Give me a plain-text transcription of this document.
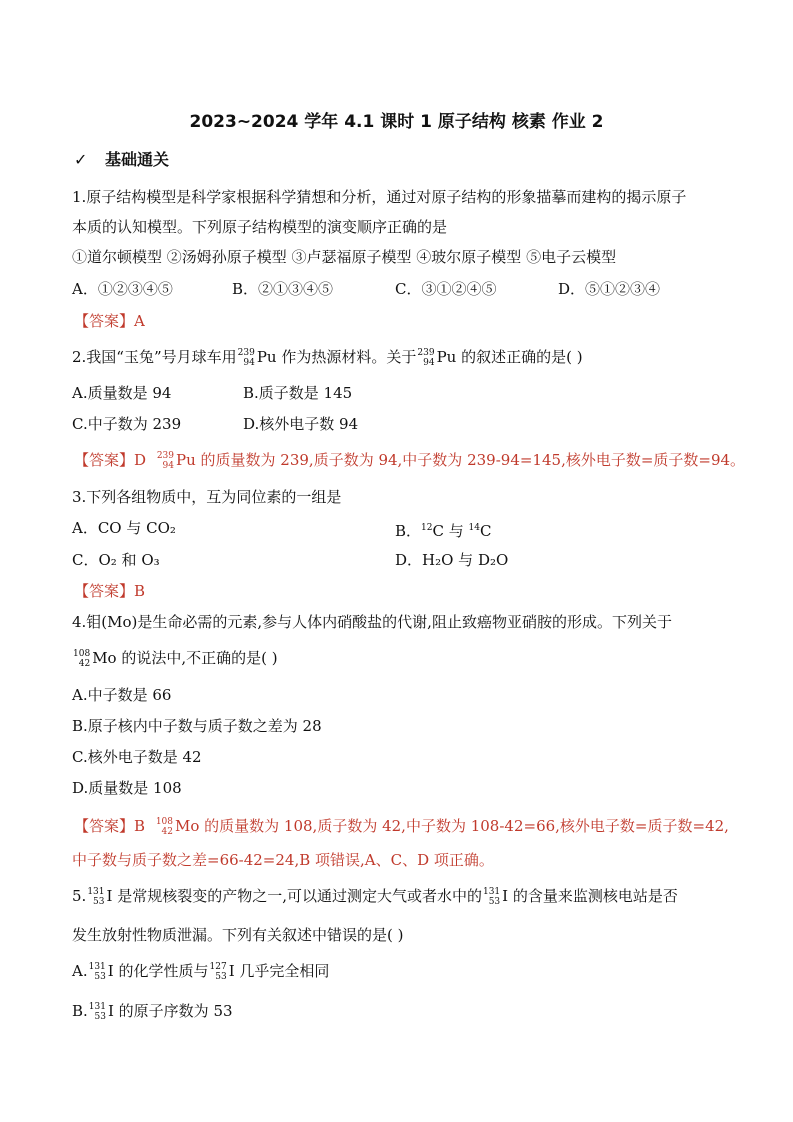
2023~2024 学年 4.1 课时 1 原子结构 核素 作业 2
✓ 基础通关
1.原子结构模型是科学家根据科学猜想和分析，通过对原子结构的形象描摹而建构的揭示原子
本质的认知模型。下列原子结构模型的演变顺序正确的是
①道尔顿模型 ②汤姆孙原子模型 ③卢瑟福原子模型 ④玻尔原子模型 ⑤电子云模型
A．①②③④⑤	B．②①③④⑤	C．③①②④⑤	D．⑤①②③④
【答案】A
2.我国“玉兔”号月球车用 239
94 Pu 作为热源材料。关于 239
94 Pu 的叙述正确的是( )
A.质量数是 94	B.质子数是 145
C.中子数为 239	D.核外电子数 94
【答案】D 239
94 Pu 的质量数为 239,质子数为 94,中子数为 239-94=145,核外电子数=质子数=94。
3.下列各组物质中，互为同位素的一组是
A．CO 与 CO₂	B．$^{12}$C 与 $^{14}$C
C．O₂ 和 O₃	D．H₂O 与 D₂O
【答案】B
4.钼(Mo)是生命必需的元素,参与人体内硝酸盐的代谢,阻止致癌物亚硝胺的形成。下列关于
108
42 Mo 的说法中,不正确的是( )
A.中子数是 66
B.原子核内中子数与质子数之差为 28
C.核外电子数是 42
D.质量数是 108
【答案】B 108
42 Mo 的质量数为 108,质子数为 42,中子数为 108-42=66,核外电子数=质子数=42,
中子数与质子数之差=66-42=24,B 项错误,A、C、D 项正确。
5. 131
53 I 是常规核裂变的产物之一,可以通过测定大气或者水中的 131
53 I 的含量来监测核电站是否
发生放射性物质泄漏。下列有关叙述中错误的是( )
A. 131
53 I 的化学性质与 127
53 I 几乎完全相同
B. 131
53 I 的原子序数为 53
